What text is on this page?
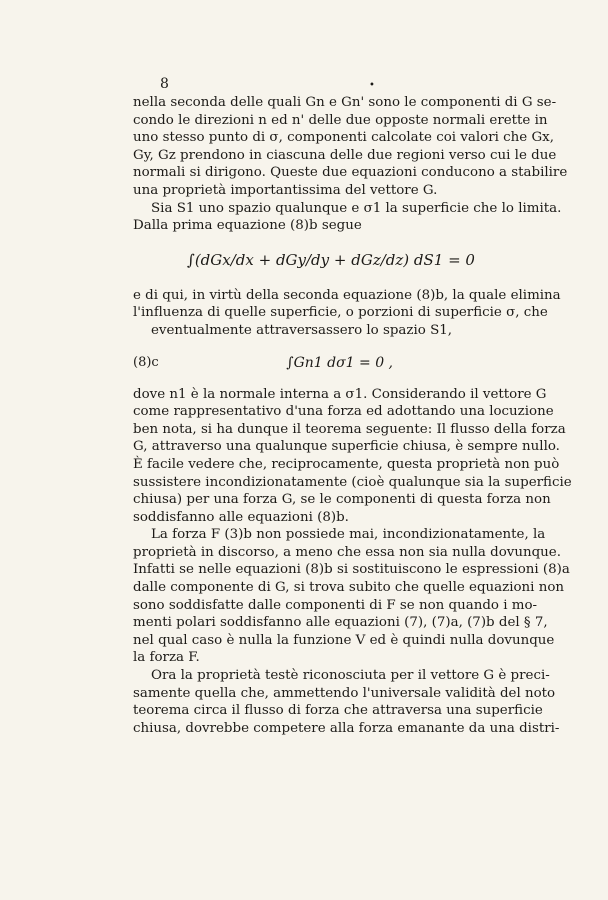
8	•
nella seconda delle quali Gn e Gn' sono le componenti di G se-
condo le direzioni n ed n' delle due opposte normali erette in
uno stesso punto di σ, componenti calcolate coi valori che Gx,
Gy, Gz prendono in ciascuna delle due regioni verso cui le due
normali si dirigono. Queste due equazioni conducono a stabilire
una proprietà importantissima del vettore G.
Sia S1 uno spazio qualunque e σ1 la superficie che lo limita.
Dalla prima equazione (8)b segue
∫(dGx/dx + dGy/dy + dGz/dz) dS1 = 0
e di qui, in virtù della seconda equazione (8)b, la quale elimina
l'influenza di quelle superficie, o porzioni di superficie σ, che
eventualmente attraversassero lo spazio S1,
(8)c	∫Gn1 dσ1 = 0 ,
dove n1 è la normale interna a σ1. Considerando il vettore G
come rappresentativo d'una forza ed adottando una locuzione
ben nota, si ha dunque il teorema seguente: Il flusso della forza
G, attraverso una qualunque superficie chiusa, è sempre nullo.
È facile vedere che, reciprocamente, questa proprietà non può
sussistere incondizionatamente (cioè qualunque sia la superficie
chiusa) per una forza G, se le componenti di questa forza non
soddisfanno alle equazioni (8)b.
La forza F (3)b non possiede mai, incondizionatamente, la
proprietà in discorso, a meno che essa non sia nulla dovunque.
Infatti se nelle equazioni (8)b si sostituiscono le espressioni (8)a
dalle componente di G, si trova subito che quelle equazioni non
sono soddisfatte dalle componenti di F se non quando i mo-
menti polari soddisfanno alle equazioni (7), (7)a, (7)b del § 7,
nel qual caso è nulla la funzione V ed è quindi nulla dovunque
la forza F.
Ora la proprietà testè riconosciuta per il vettore G è preci-
samente quella che, ammettendo l'universale validità del noto
teorema circa il flusso di forza che attraversa una superficie
chiusa, dovrebbe competere alla forza emanante da una distri-
